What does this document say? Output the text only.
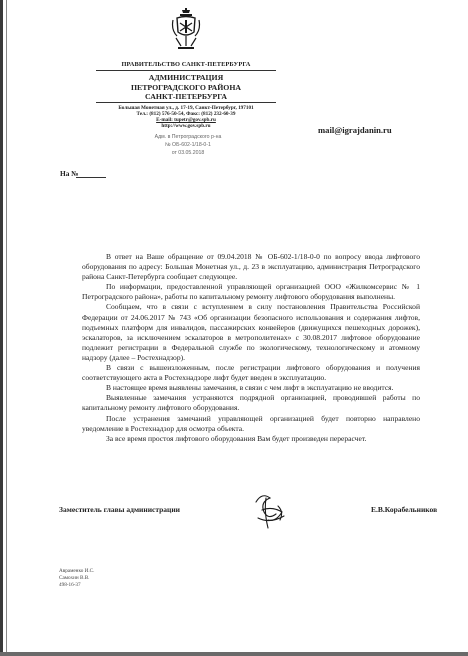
ПРАВИТЕЛЬСТВО САНКТ-ПЕТЕРБУРГА
АДМИНИСТРАЦИЯ
ПЕТРОГРАДСКОГО РАЙОНА
САНКТ-ПЕТЕРБУРГА
Большая Монетная ул., д. 17-19, Санкт-Петербург, 197101
Тел.: (812) 576-50-54, Факс: (812) 232-60-39
E-mail: tupetr@gov.spb.ru
http://www.gov.spb.ru
Адм. в Петроградского р-на
№ ОБ-602-1/18-0-1
от 03.05.2018
mail@igrajdanin.ru
На №

В ответ на Ваше обращение от 09.04.2018 № ОБ-602-1/18-0-0 по вопросу ввода лифтового оборудования по адресу: Большая Монетная ул., д. 23 в эксплуатацию, администрация Петроградского района Санкт-Петербурга сообщает следующее.

По информации, предоставленной управляющей организацией ООО «Жилкомсервис № 1 Петроградского района», работы по капитальному ремонту лифтового оборудования выполнены.

Сообщаем, что в связи с вступлением в силу постановления Правительства Российской Федерации от 24.06.2017 № 743 «Об организации безопасного использования и содержания лифтов, подъемных платформ для инвалидов, пассажирских конвейеров (движущихся пешеходных дорожек), эскалаторов, за исключением эскалаторов в метрополитенах» с 30.08.2017 лифтовое оборудование подлежит регистрации в Федеральной службе по экологическому, технологическому и атомному надзору (далее – Ростехнадзор).

В связи с вышеизложенным, после регистрации лифтового оборудования и получения соответствующего акта в Ростехнадзоре лифт будет введен в эксплуатацию.

В настоящее время выявлены замечания, в связи с чем лифт в эксплуатацию не вводится.

Выявленные замечания устраняются подрядной организацией, проводившей работы по капитальному ремонту лифтового оборудования.

После устранения замечаний управляющей организацией будет повторно направлено уведомление в Ростехнадзор для осмотра объекта.

За все время простоя лифтового оборудования Вам будет произведен перерасчет.

Заместитель главы администрации	Е.В.Корабельников
Авраменко И.С.
Самохин В.В.
498-16-37
